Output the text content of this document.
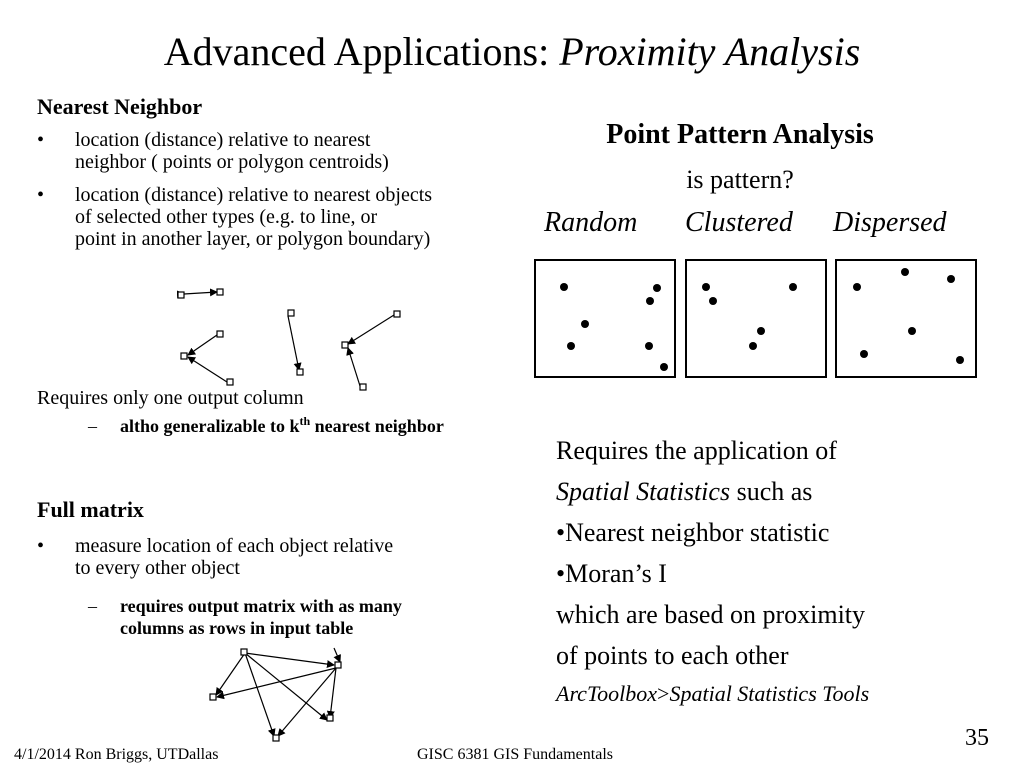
Advanced Applications: Proximity Analysis
Nearest Neighbor
• location (distance) relative to nearest
neighbor ( points or polygon centroids)
• location (distance) relative to nearest objects
of selected other types (e.g. to line, or
point in another layer, or polygon boundary)
Requires only one output column
– altho generalizable to $k^{th}$ nearest neighbor
Full matrix
• measure location of each object relative
to every other object
– requires output matrix with as many
columns as rows in input table
Point Pattern Analysis
is pattern?
Random Clustered Dispersed
Requires the application of
Spatial Statistics such as
•Nearest neighbor statistic
•Moran’s I
which are based on proximity
of points to each other
ArcToolbox>Spatial Statistics Tools
4/1/2014 Ron Briggs, UTDallas	GISC 6381 GIS Fundamentals
35
